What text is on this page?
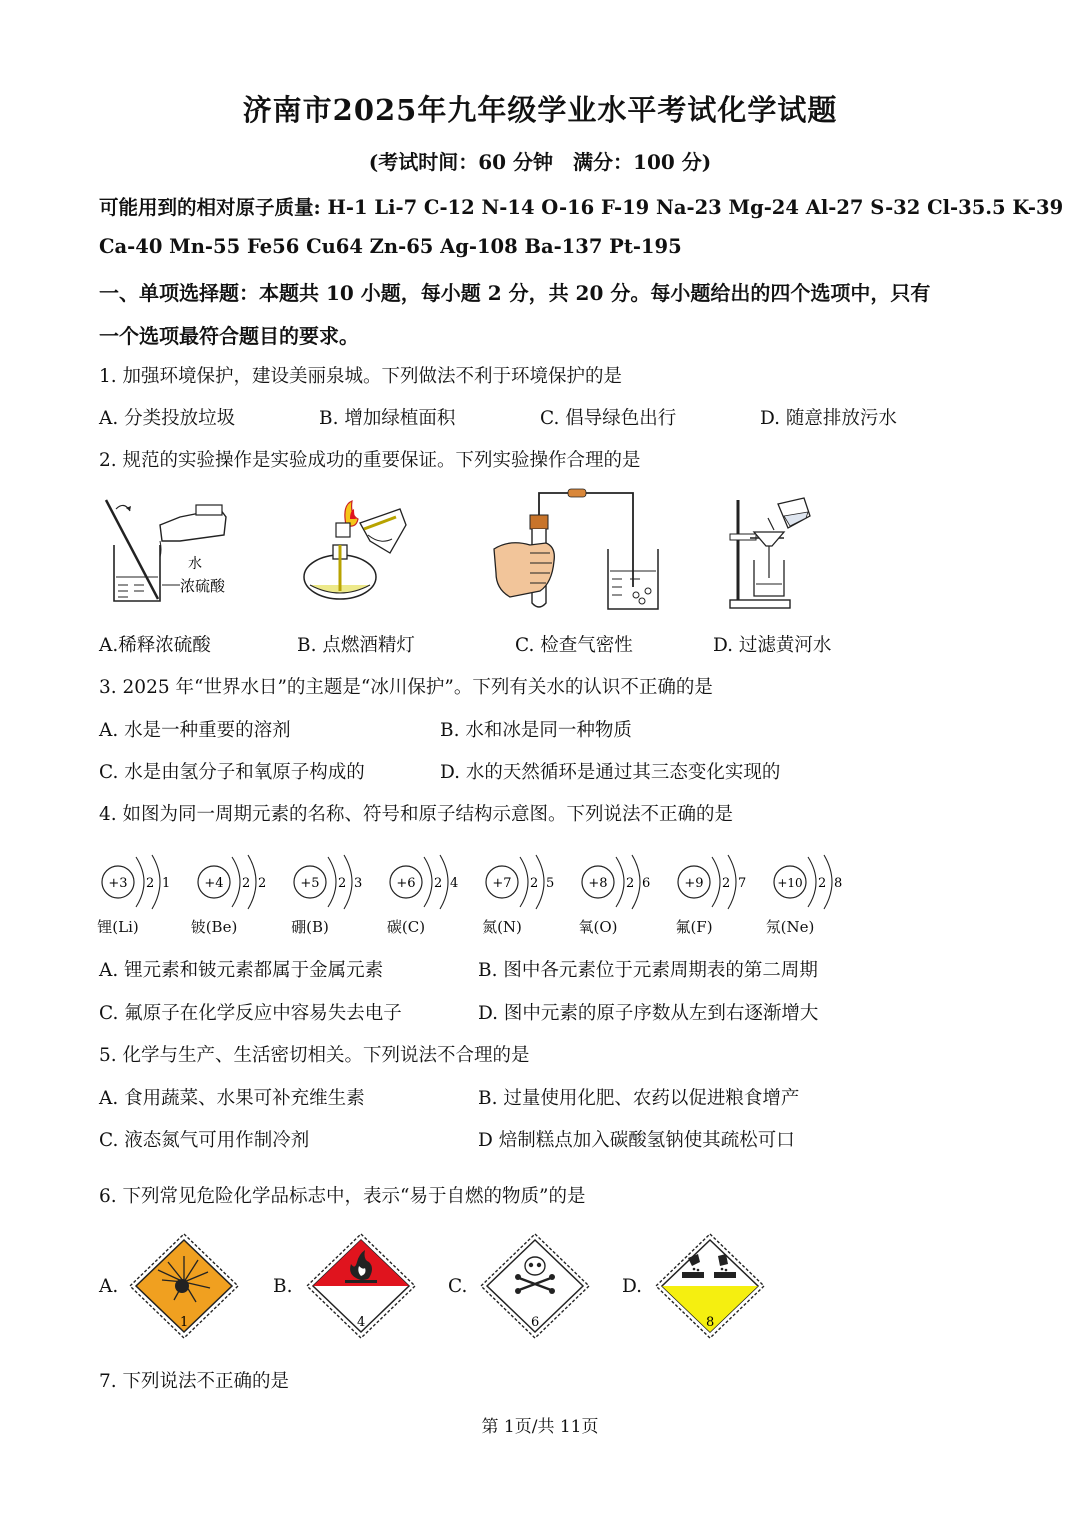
济南市2025年九年级学业水平考试化学试题
(考试时间：60 分钟　满分：100 分)
可能用到的相对原子质量: H-1 Li-7 C-12 N-14 O-16 F-19 Na-23 Mg-24 Al-27 S-32 Cl-35.5 K-39
Ca-40 Mn-55 Fe56 Cu64 Zn-65 Ag-108 Ba-137 Pt-195
一、单项选择题：本题共 10 小题，每小题 2 分，共 20 分。每小题给出的四个选项中，只有
一个选项最符合题目的要求。
1. 加强环境保护，建设美丽泉城。下列做法不利于环境保护的是
A. 分类投放垃圾	B. 增加绿植面积	C. 倡导绿色出行	D. 随意排放污水
2. 规范的实验操作是实验成功的重要保证。下列实验操作合理的是
水
浓硫酸
A.稀释浓硫酸	B. 点燃酒精灯	C. 检查气密性	D. 过滤黄河水
3. 2025 年“世界水日”的主题是“冰川保护”。下列有关水的认识不正确的是
A. 水是一种重要的溶剂	B. 水和冰是同一种物质
C. 水是由氢分子和氧原子构成的	D. 水的天然循环是通过其三态变化实现的
4. 如图为同一周期元素的名称、符号和原子结构示意图。下列说法不正确的是
+3 2 1
锂(Li)
+4 2 2
铍(Be)
+5 2 3
硼(B)
+6 2 4
碳(C)
+7 2 5
氮(N)
+8 2 6
氧(O)
+9 2 7
氟(F)
+10 2 8
氖(Ne)
A. 锂元素和铍元素都属于金属元素	B. 图中各元素位于元素周期表的第二周期
C. 氟原子在化学反应中容易失去电子	D. 图中元素的原子序数从左到右逐渐增大
5. 化学与生产、生活密切相关。下列说法不合理的是
A. 食用蔬菜、水果可补充维生素	B. 过量使用化肥、农药以促进粮食增产
C. 液态氮气可用作制冷剂	D 焙制糕点加入碳酸氢钠使其疏松可口
6. 下列常见危险化学品标志中，表示“易于自燃的物质”的是
A.
1
B.
4
C.
6
D.
8
7. 下列说法不正确的是
第 1页/共 11页
